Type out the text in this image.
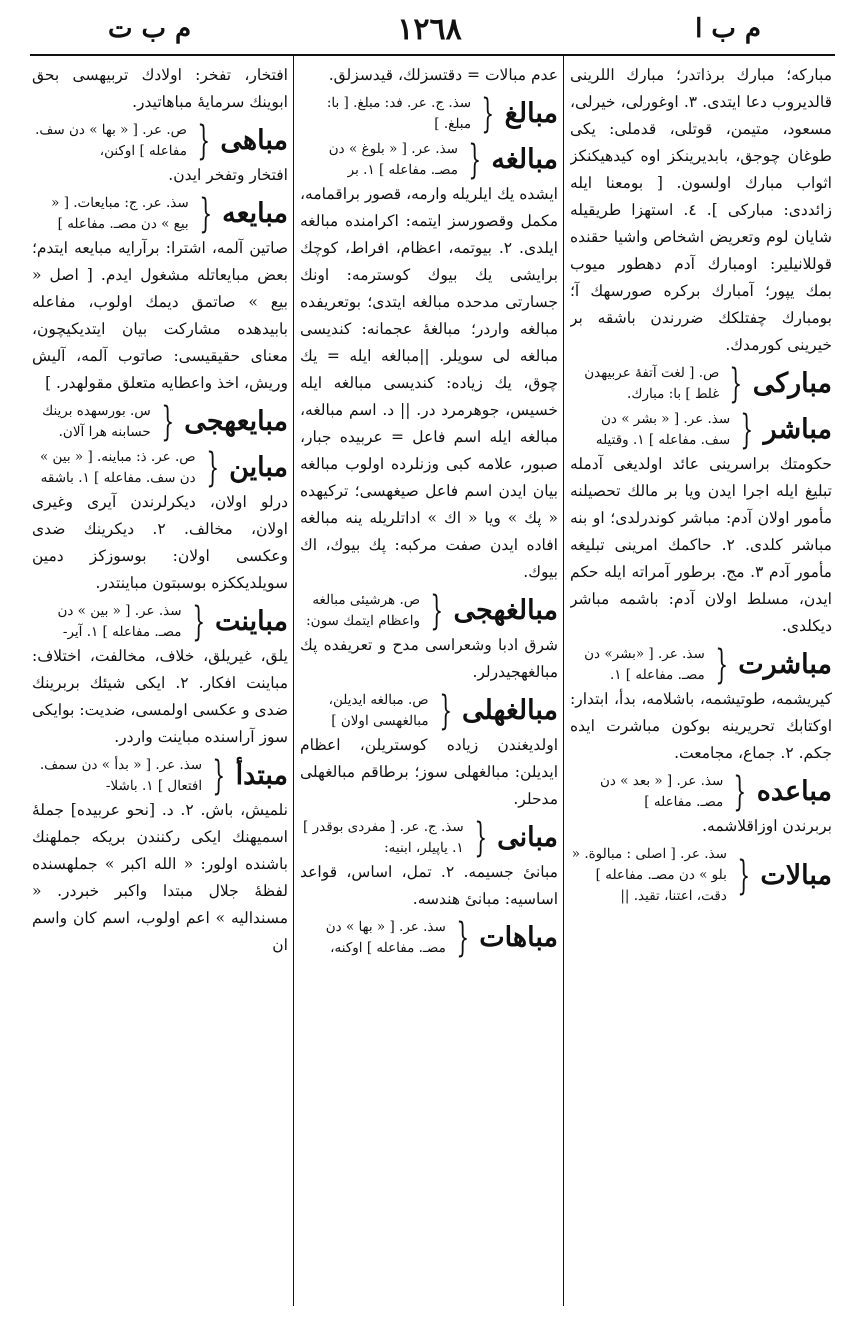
م ب ت	١٢٦٨	م ب ا
مبارکه؛ مبارك برذاتدر؛ مبارك اللرینی قالدیروب دعا ایتدی. ٣. اوغورلی، خیرلی، مسعود، متیمن، قوتلی، قدملی: یكی طوغان چوجق، بابدیرینكز اوه کیدهیکنکز اثواب مبارك اولسون. [ بومعنا ایله زائددی: مبارکی ]. ٤. استهزا طریقیله شایان لوم وتعریض اشخاص واشیا حقنده قوللانیلیر: اومبارك آدم دهطور میوب بمك یپور؛ آمبارك بركره صورسهك آ؛ بومبارك چفتلكك ضررندن باشقه بر خیرینی کورمدك.
مبارکی
{
ص. [ لغت آتفهٔ عربیهدن غلط ] با: مبارك.
مباشر
{
سذ. عر. [ « بشر » دن سف. مفاعله ] ١. وقتیله
حکومتك براسرینی عائد اولدیغی آدمله تبلیغ ایله اجرا ایدن ویا بر مالك تحصیلنه مأمور اولان آدم: مباشر کوندرلدی؛ او بنه مباشر کلدی. ٢. حاکمك امرینی تبلیغه مأمور آدم ٣. مج. برطور آمراته ایله حکم ایدن، مسلط اولان آدم: باشمه مباشر دیکلدی.
مباشرت
{
سذ. عر. [ «بشر» دن مصـ. مفاعله ] ١.
کیریشمه، طوتیشمه، باشلامه، بدأ، ابتدار: اوکتابك تحریرینه بوکون مباشرت ایده جکم. ٢. جماع، مجامعت.
مباعده
{
سذ. عر. [ « بعد » دن مصـ. مفاعله ]
بربرندن اوزاقلاشمه.
مبالات
{
سذ. عر. [ اصلی : مبالوة. « بلو » دن مصـ. مفاعله ] دقت، اعتنا، تقید. ||
عدم مبالات = دقتسزلك، قیدسزلق.
مبالغ
{
سذ. ج. عر. فد: مبلغ. [ با: مبلغ. ]
مبالغه
{
سذ. عر. [ « بلوغ » دن مصـ. مفاعله ] ١. بر
ایشده یك ایلریله وارمه، قصور براقمامه، مكمل وقصورسز ایتمه: اکرامنده مبالغه ایلدی. ٢. بیوتمه، اعظام، افراط، کوچك برایشی یك بیوك کوسترمه: اونك جسارتی مدحده مبالغه ایتدی؛ بوتعریفده مبالغه واردر؛ مبالغهٔ عجمانه: کندیسی مبالغه لی سویلر. ||مبالغه ایله = یك چوق، یك زیاده: کندیسی مبالغه ایله خسیس، جوهرمرد در. || د. اسم مبالغه، مبالغه ایله اسم فاعل = عربیده جبار، صبور، علامه کبی وزنلرده اولوب مبالغه بیان ایدن اسم فاعل صیغهسی؛ ترکیهده « پك » ویا « اك » اداتلریله ینه مبالغه افاده ایدن صفت مرکبه: پك بیوك، اك بیوك.
مبالغهجی
{
ص. هرشیئی مبالغه واعظام ایتمك سون:
شرق ادبا وشعراسی مدح و تعریفده پك مبالغهجیدرلر.
مبالغهلی
{
ص. مبالغه ایدیلن، مبالغهسی اولان ]
اولدیغندن زیاده کوستریلن، اعظام ایدیلن: مبالغهلی سوز؛ برطاقم مبالغهلی مدحلر.
مبانی
{
سذ. ج. عر. [ مفردی بوقدر ] ١. یاپیلر، ابنیه:
مبانیٔ جسیمه. ٢. تمل، اساس، قواعد اساسیه: مبانیٔ هندسه.
مباهات
{
سذ. عر. [ « بها » دن مصـ. مفاعله ] اوکنه،
افتخار، تفخر: اولادك تربیهسی بحق ابوینك سرمایهٔ مباهاتیدر.
مباهی
{
ص. عر. [ « بها » دن سف. مفاعله ] اوکنن،
افتخار وتفخر ایدن.
مبایعه
{
سذ. عر. ج: مبایعات. [ « بیع » دن مصـ. مفاعله ]
صاتین آلمه، اشترا: برآرایه مبایعه ایتدم؛ بعض مبایعاتله مشغول ایدم. [ اصل « بیع » صاتمق دیمك اولوب، مفاعله بابیدهده مشارکت بیان ایتدیکیچون، معنای حقیقیسی: صاتوب آلمه، آلیش وریش، اخذ واعطایه متعلق مقولهدر. ]
مبایعهجی
{
س. بورسهده برینك حسابنه هرا آلان.
مباین
{
ص. عر. ذ: مباینه. [ « بین » دن سف. مفاعله ] ١. باشقه
درلو اولان، دیکرلرندن آیری وغیری اولان، مخالف. ٢. دیکرینك ضدی وعکسی اولان: بوسوزکز دمین سویلدیککزه بوسبتون مباینتدر.
مباینت
{
سذ. عر. [ « بین » دن مصـ. مفاعله ] ١. آیر-
یلق، غیریلق، خلاف، مخالفت، اختلاف: مباینت افکار. ٢. ایکی شیئك بربرینك ضدی و عکسی اولمسی، ضدیت: بوایکی سوز آراسنده مباینت واردر.
مبتدأ
{
سذ. عر. [ « بدأ » دن سمف. افتعال ] ١. باشلا-
نلمیش، باش. ٢. د. [نحو عربیده] جملهٔ اسمیهنك ایکی رکنندن بریکه جملهنك باشنده اولور: « الله اکبر » جملهسنده لفظهٔ جلال مبتدا واکبر خبردر. « مسندالیه » اعم اولوب، اسم کان واسم ان
